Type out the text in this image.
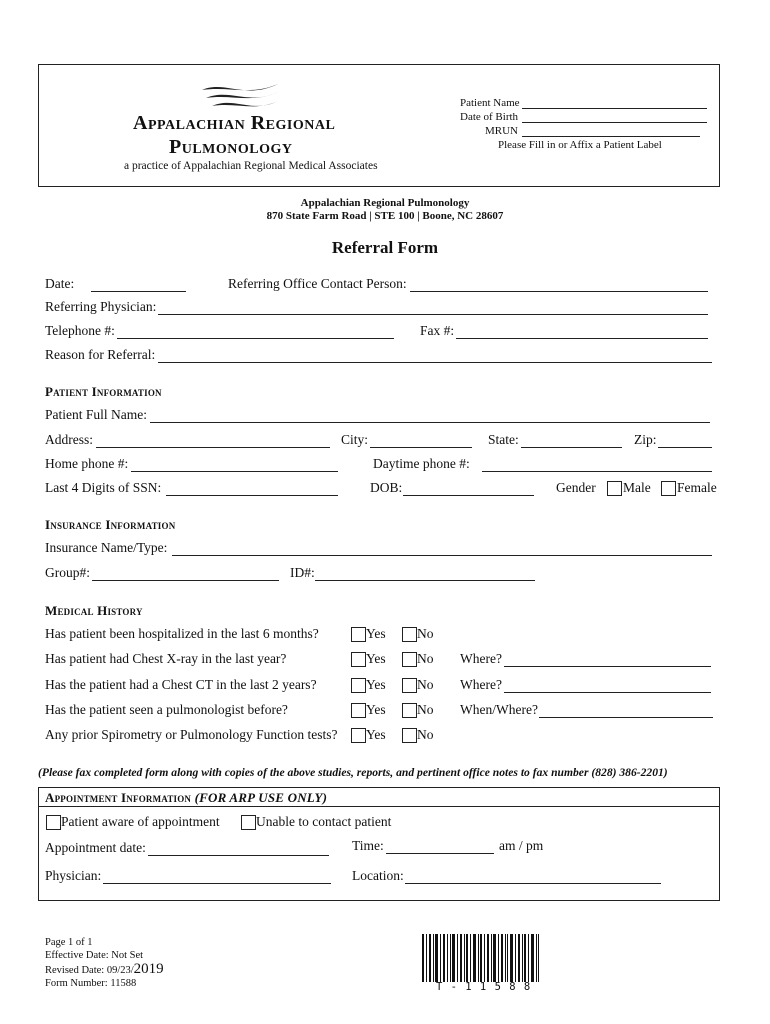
Appalachian Regional
Pulmonology
a practice of Appalachian Regional Medical Associates
Patient Name
Date of Birth
MRUN
Please Fill in or Affix a Patient Label
Appalachian Regional Pulmonology
870 State Farm Road | STE 100 | Boone, NC 28607
Referral Form
Date:	Referring Office Contact Person:
Referring Physician:
Telephone #:	Fax #:
Reason for Referral:
Patient Information
Patient Full Name:
Address:	City:	State:	Zip:
Home phone #:	Daytime phone #:
Last 4 Digits of SSN:	DOB:	Gender Male Female
Insurance Information
Insurance Name/Type:
Group#:	ID#:
Medical History
Has patient been hospitalized in the last 6 months?	Yes No
Has patient had Chest X-ray in the last year?	Yes No Where?
Has the patient had a Chest CT in the last 2 years?	Yes No Where?
Has the patient seen a pulmonologist before?	Yes No When/Where?
Any prior Spirometry or Pulmonology Function tests? Yes No
(Please fax completed form along with copies of the above studies, reports, and pertinent office notes to fax number (828) 386-2201)
Appointment Information (FOR ARP USE ONLY)
Patient aware of appointment	Unable to contact patient
Appointment date:	Time:	am / pm
Physician:	Location:
Page 1 of 1
Effective Date: Not Set
Revised Date: 09/23/2019
Form Number: 11588	T - 1 1 5 8 8
